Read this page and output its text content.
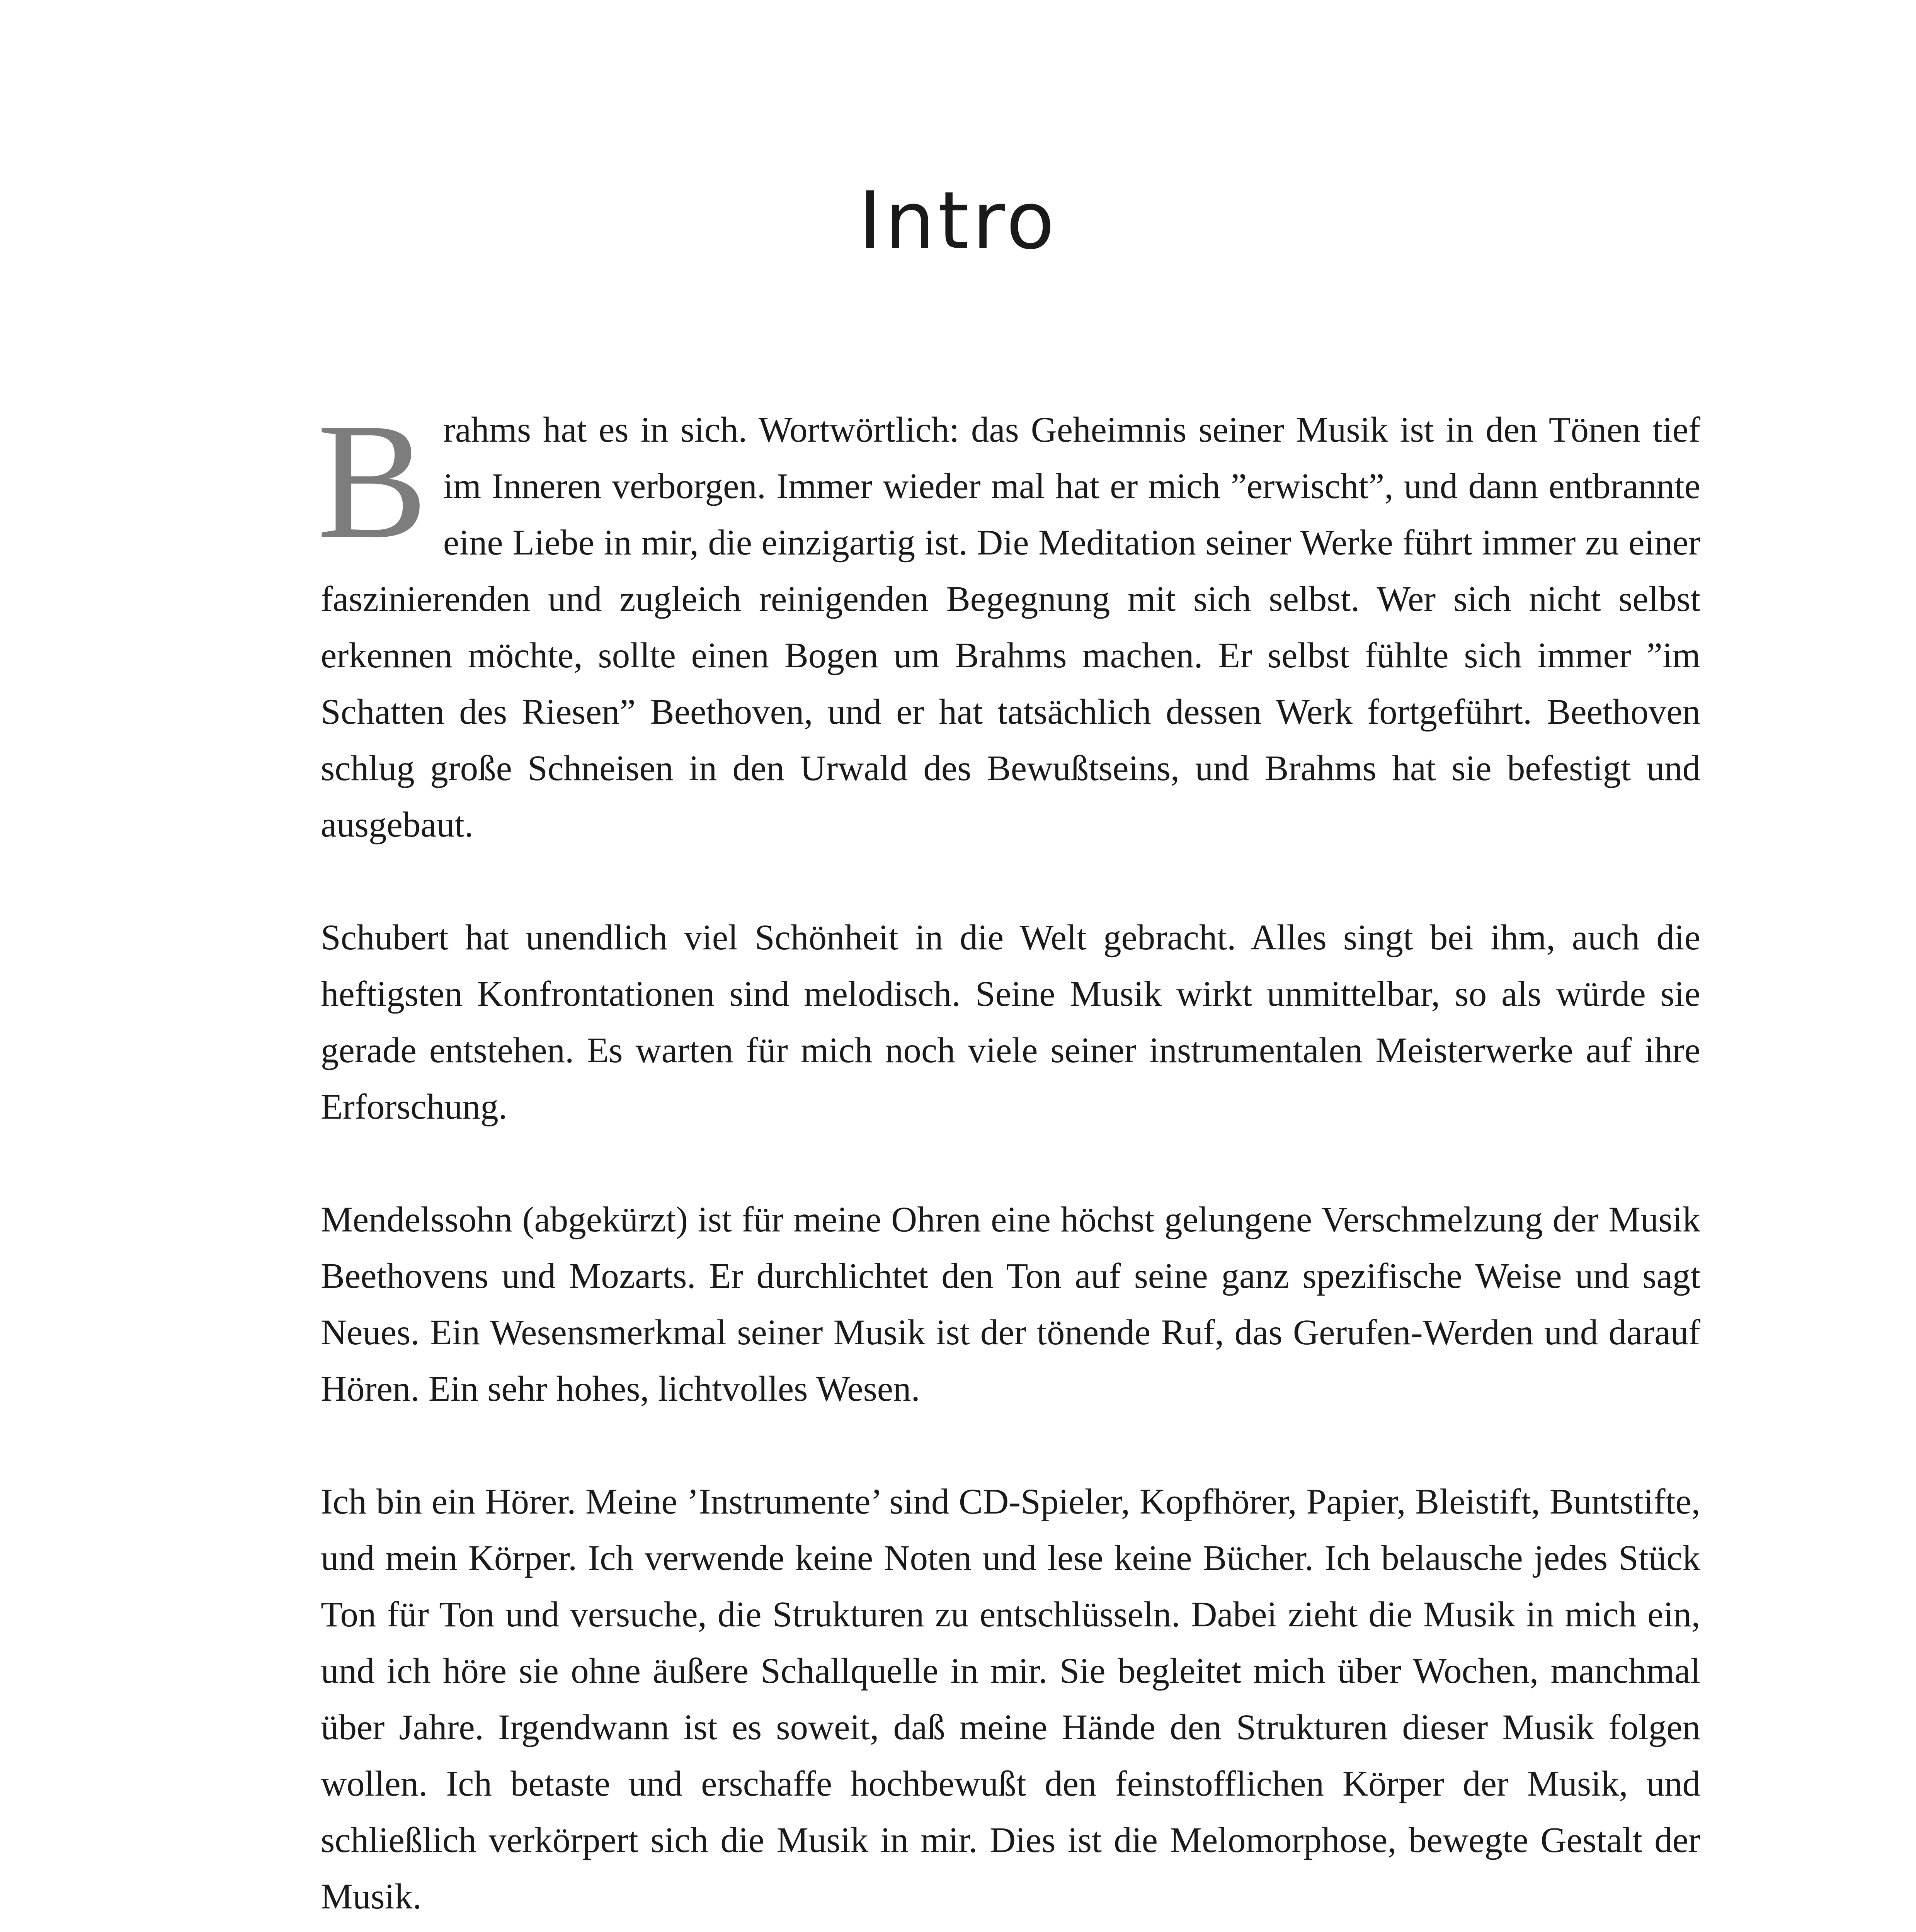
Intro

Brahms hat es in sich. Wortwörtlich: das Geheimnis seiner Musik ist in den Tönen tief im Inneren verborgen. Immer wieder mal hat er mich ”erwischt”, und dann entbrannte eine Liebe in mir, die einzigartig ist. Die Meditation seiner Werke führt immer zu einer faszinierenden und zugleich reinigenden Begegnung mit sich selbst. Wer sich nicht selbst erkennen möchte, sollte einen Bogen um Brahms machen. Er selbst fühlte sich immer ”im Schatten des Riesen” Beethoven, und er hat tatsächlich dessen Werk fortgeführt. Beethoven schlug große Schneisen in den Urwald des Bewußtseins, und Brahms hat sie befestigt und ausgebaut.

Schubert hat unendlich viel Schönheit in die Welt gebracht. Alles singt bei ihm, auch die heftigsten Konfrontationen sind melodisch. Seine Musik wirkt unmittelbar, so als würde sie gerade entstehen. Es warten für mich noch viele seiner instrumentalen Meisterwerke auf ihre Erforschung.

Mendelssohn (abgekürzt) ist für meine Ohren eine höchst gelungene Verschmelzung der Musik Beethovens und Mozarts. Er durchlichtet den Ton auf seine ganz spezifische Weise und sagt Neues. Ein Wesensmerkmal seiner Musik ist der tönende Ruf, das Gerufen-Werden und darauf Hören. Ein sehr hohes, lichtvolles Wesen.

Ich bin ein Hörer. Meine ’Instrumente’ sind CD-Spieler, Kopfhörer, Papier, Bleistift, Buntstifte, und mein Körper. Ich verwende keine Noten und lese keine Bücher. Ich belausche jedes Stück Ton für Ton und versuche, die Strukturen zu entschlüsseln. Dabei zieht die Musik in mich ein, und ich höre sie ohne äußere Schallquelle in mir. Sie begleitet mich über Wochen, manchmal über Jahre. Irgendwann ist es soweit, daß meine Hände den Strukturen dieser Musik folgen wollen. Ich betaste und erschaffe hochbewußt den feinstofflichen Körper der Musik, und schließlich verkörpert sich die Musik in mir. Dies ist die Melomorphose, bewegte Gestalt der Musik.
